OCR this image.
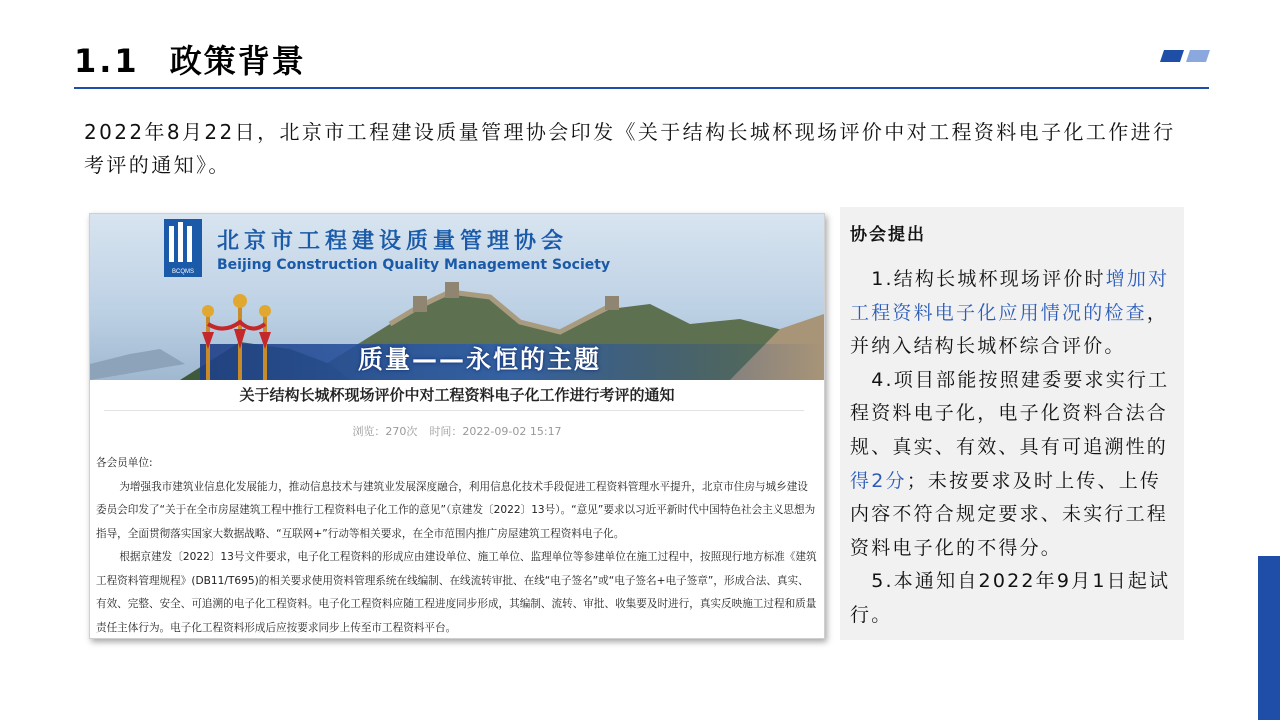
1.1 政策背景
2022年8月22日，北京市工程建设质量管理协会印发《关于结构长城杯现场评价中对工程资料电子化工作进行考评的通知》。
BCQMS
北京市工程建设质量管理协会
Beijing Construction Quality Management Society
质量——永恒的主题
关于结构长城杯现场评价中对工程资料电子化工作进行考评的通知
浏览：270次 时间：2022-09-02 15:17

各会员单位:

为增强我市建筑业信息化发展能力，推动信息技术与建筑业发展深度融合，利用信息化技术手段促进工程资料管理水平提升，北京市住房与城乡建设委员会印发了“关于在全市房屋建筑工程中推行工程资料电子化工作的意见”（京建发〔2022〕13号）。“意见”要求以习近平新时代中国特色社会主义思想为指导，全面贯彻落实国家大数据战略、“互联网+”行动等相关要求，在全市范围内推广房屋建筑工程资料电子化。

根据京建发〔2022〕13号文件要求，电子化工程资料的形成应由建设单位、施工单位、监理单位等参建单位在施工过程中，按照现行地方标准《建筑工程资料管理规程》(DB11/T695)的相关要求使用资料管理系统在线编制、在线流转审批、在线“电子签名”或“电子签名+电子签章”，形成合法、真实、有效、完整、安全、可追溯的电子化工程资料。电子化工程资料应随工程进度同步形成，其编制、流转、审批、收集要及时进行，真实反映施工过程和质量责任主体行为。电子化工程资料形成后应按要求同步上传至市工程资料平台。

协会提出

 1.结构长城杯现场评价时增加对工程资料电子化应用情况的检查，并纳入结构长城杯综合评价。

 4.项目部能按照建委要求实行工程资料电子化，电子化资料合法合规、真实、有效、具有可追溯性的得2分；未按要求及时上传、上传内容不符合规定要求、未实行工程资料电子化的不得分。

 5.本通知自2022年9月1日起试行。
